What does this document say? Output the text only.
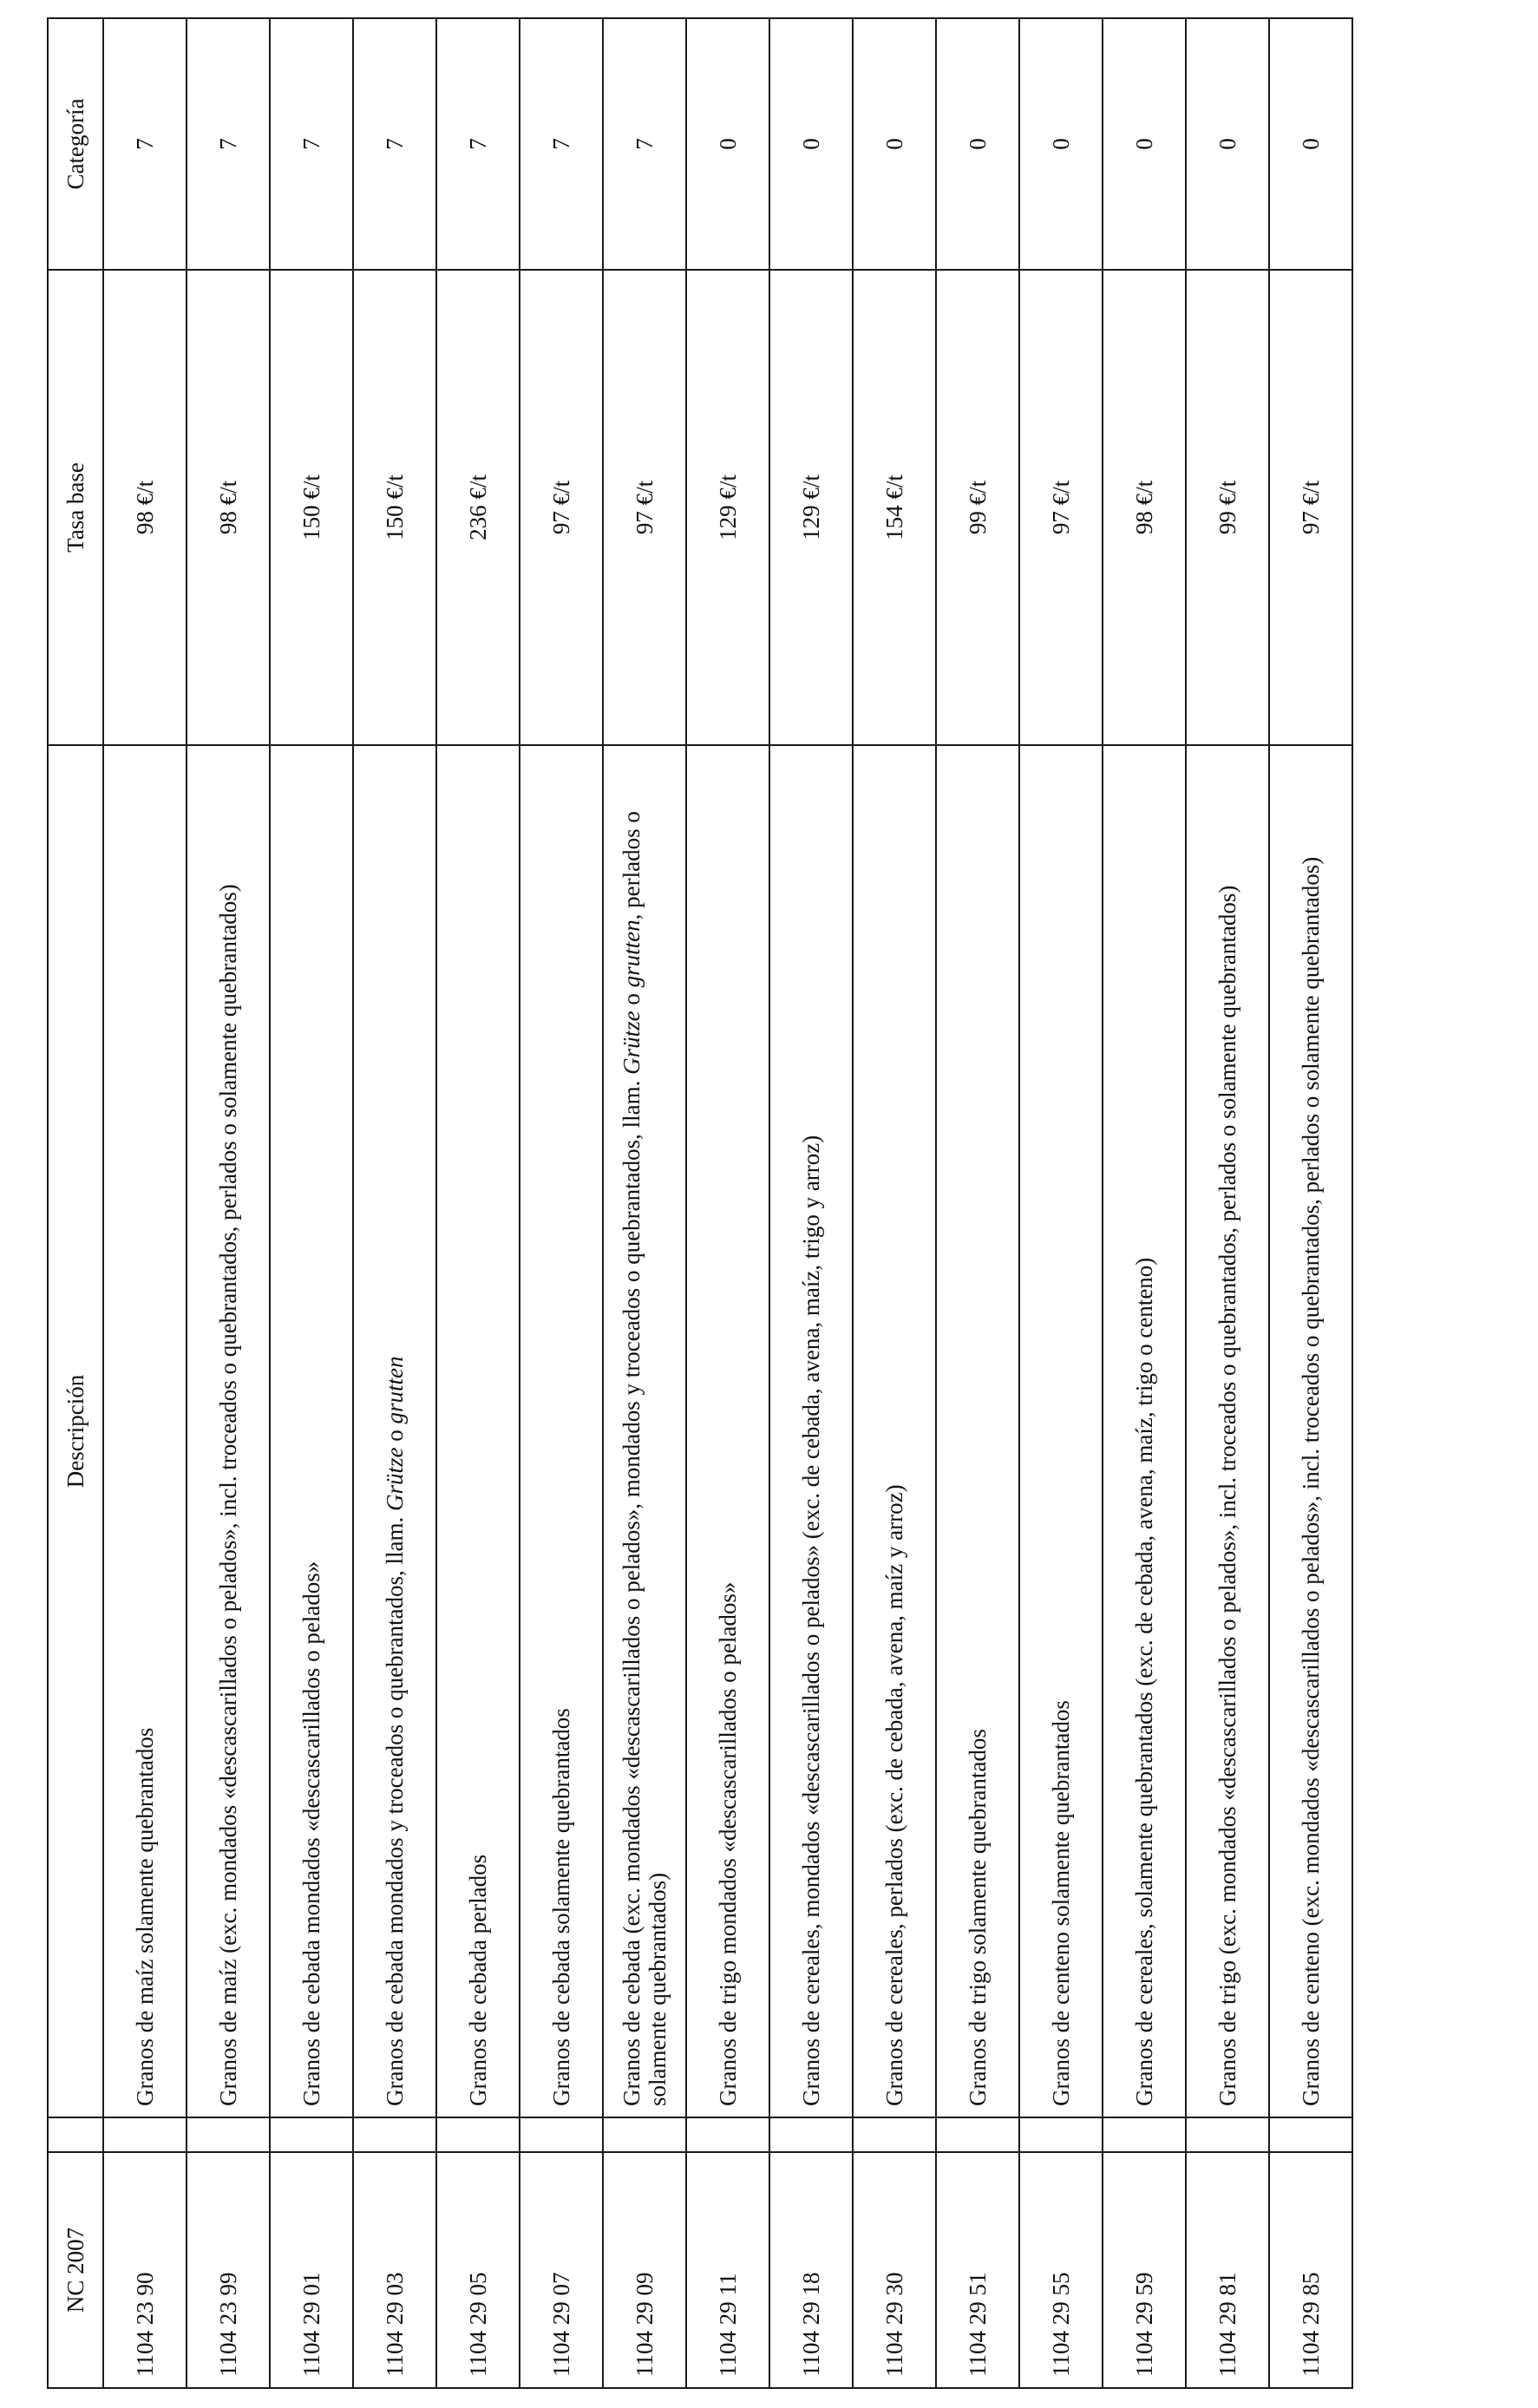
NC 2007		Descripción	Tasa base	Categoría
1104 23 90		Granos de maíz solamente quebrantados	98 €/t	7
1104 23 99		Granos de maíz (exc. mondados «descascarillados o pelados», incl. troceados o quebrantados, perlados o solamente quebrantados)	98 €/t	7
1104 29 01		Granos de cebada mondados «descascarillados o pelados»	150 €/t	7
1104 29 03		Granos de cebada mondados y troceados o quebrantados, llam. Grütze o grutten	150 €/t	7
1104 29 05		Granos de cebada perlados	236 €/t	7
1104 29 07		Granos de cebada solamente quebrantados	97 €/t	7
1104 29 09		Granos de cebada (exc. mondados «descascarillados o pelados», mondados y troceados o quebrantados, llam. Grütze o grutten, perlados o solamente quebrantados)	97 €/t	7
1104 29 11		Granos de trigo mondados «descascarillados o pelados»	129 €/t	0
1104 29 18		Granos de cereales, mondados «descascarillados o pelados» (exc. de cebada, avena, maíz, trigo y arroz)	129 €/t	0
1104 29 30		Granos de cereales, perlados (exc. de cebada, avena, maíz y arroz)	154 €/t	0
1104 29 51		Granos de trigo solamente quebrantados	99 €/t	0
1104 29 55		Granos de centeno solamente quebrantados	97 €/t	0
1104 29 59		Granos de cereales, solamente quebrantados (exc. de cebada, avena, maíz, trigo o centeno)	98 €/t	0
1104 29 81		Granos de trigo (exc. mondados «descascarillados o pelados», incl. troceados o quebrantados, perlados o solamente quebrantados)	99 €/t	0
1104 29 85		Granos de centeno (exc. mondados «descascarillados o pelados», incl. troceados o quebrantados, perlados o solamente quebrantados)	97 €/t	0
